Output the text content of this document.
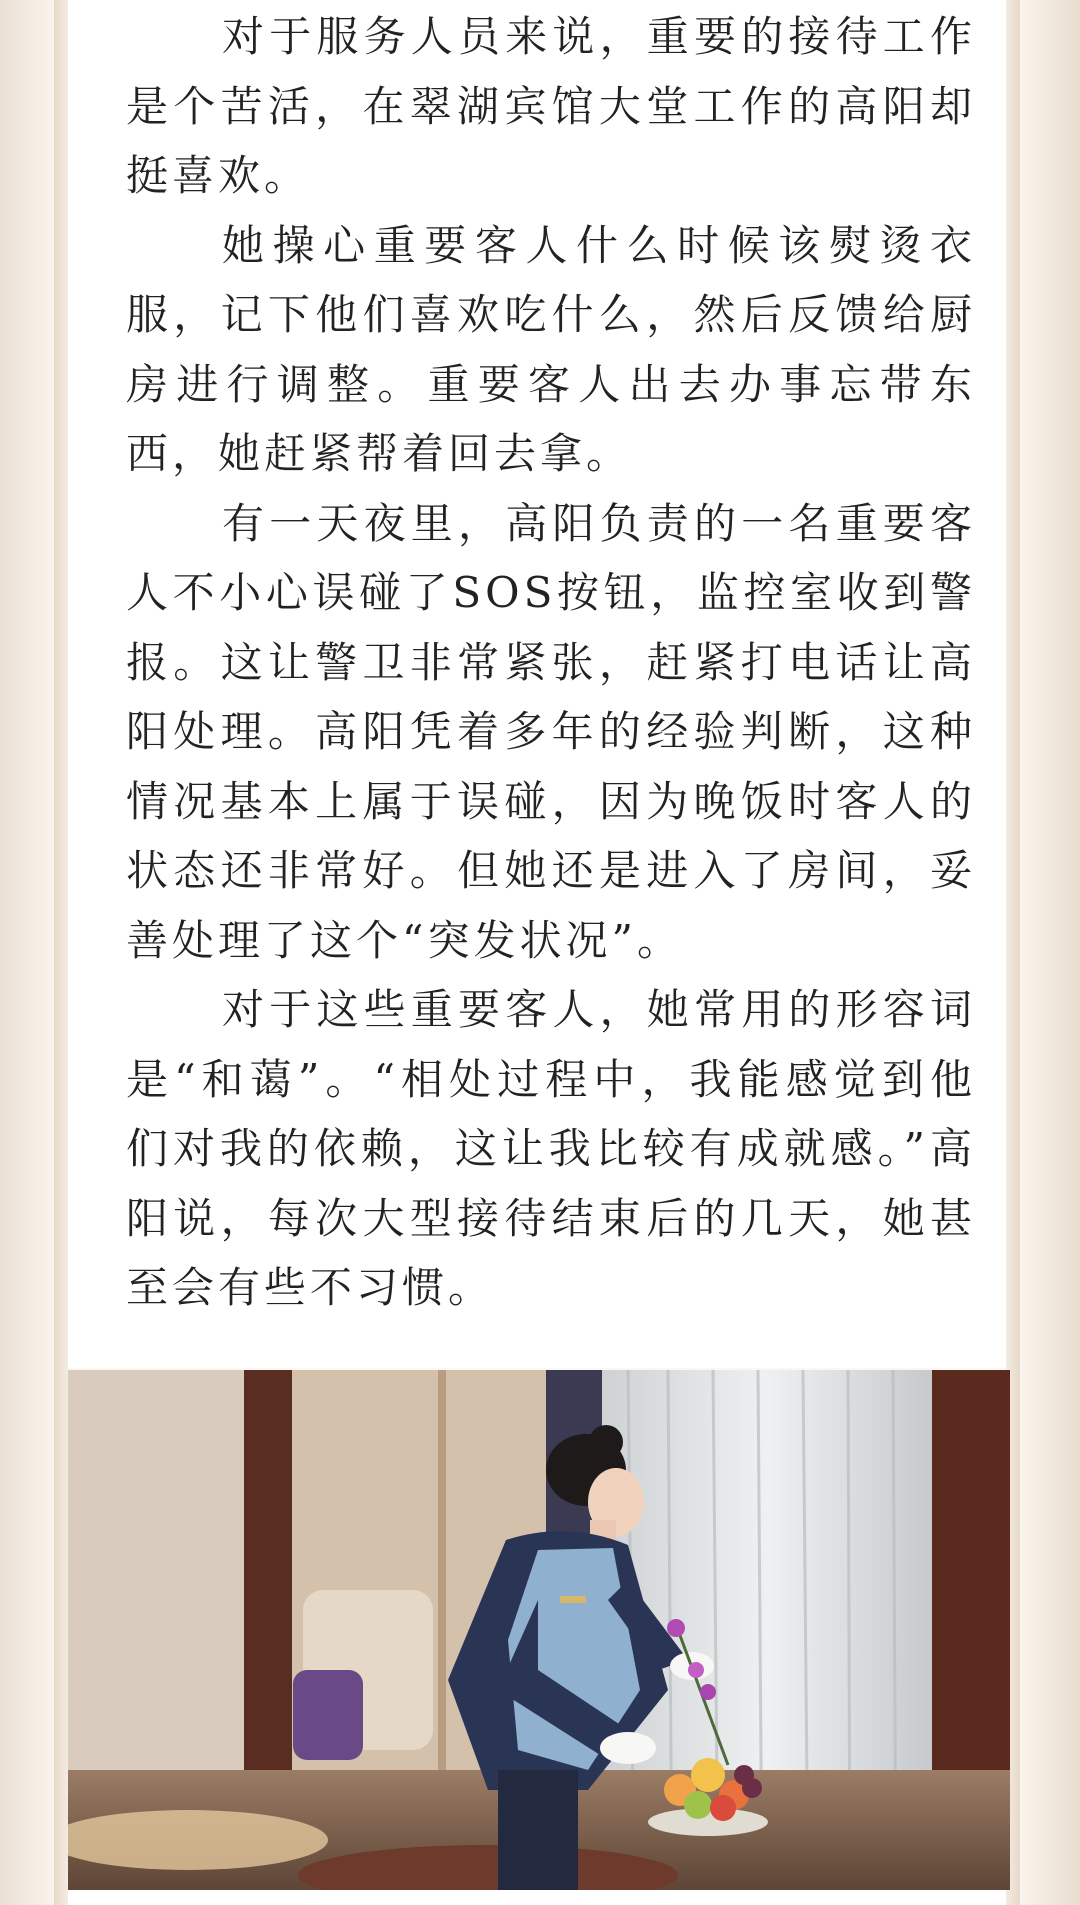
对于服务人员来说，重要的接待工作是个苦活，在翠湖宾馆大堂工作的高阳却挺喜欢。

她操心重要客人什么时候该熨烫衣服，记下他们喜欢吃什么，然后反馈给厨房进行调整。重要客人出去办事忘带东西，她赶紧帮着回去拿。

有一天夜里，高阳负责的一名重要客人不小心误碰了SOS按钮，监控室收到警报。这让警卫非常紧张，赶紧打电话让高阳处理。高阳凭着多年的经验判断，这种情况基本上属于误碰，因为晚饭时客人的状态还非常好。但她还是进入了房间，妥善处理了这个“突发状况”。

对于这些重要客人，她常用的形容词是“和蔼”。“相处过程中，我能感觉到他们对我的依赖，这让我比较有成就感。”高阳说，每次大型接待结束后的几天，她甚至会有些不习惯。
